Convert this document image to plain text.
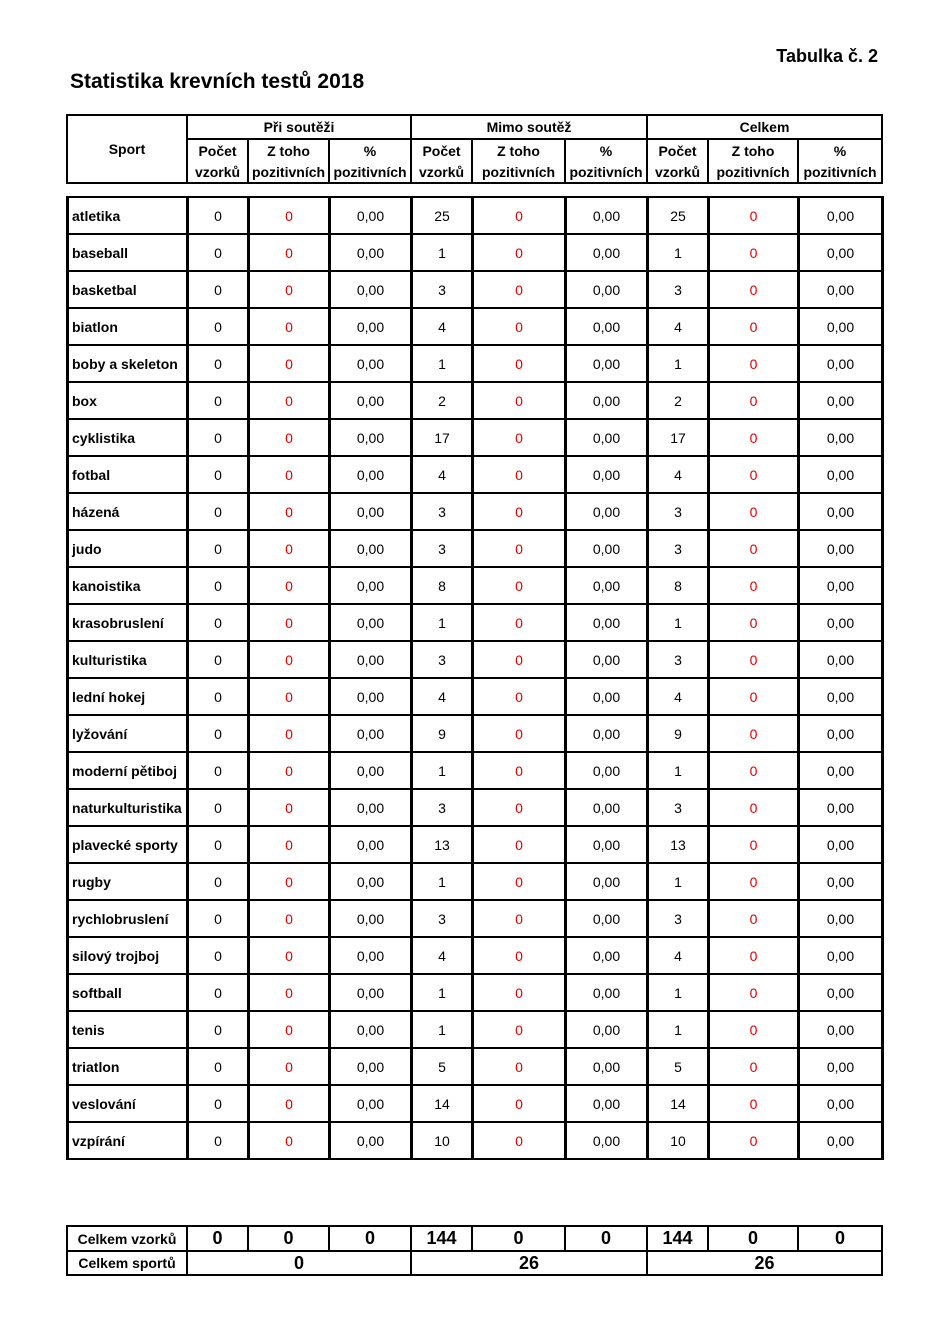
Tabulka č. 2
Statistika krevních testů 2018
Sport	Při soutěži			Mimo soutěž			Celkem		
	Počet	Z toho	%	Počet	Z toho	%	Počet	Z toho	%
	vzorků	pozitivních	pozitivních	vzorků	pozitivních	pozitivních	vzorků	pozitivních	pozitivních
atletika	0	0	0,00	25	0	0,00	25	0	0,00
baseball	0	0	0,00	1	0	0,00	1	0	0,00
basketbal	0	0	0,00	3	0	0,00	3	0	0,00
biatlon	0	0	0,00	4	0	0,00	4	0	0,00
boby a skeleton	0	0	0,00	1	0	0,00	1	0	0,00
box	0	0	0,00	2	0	0,00	2	0	0,00
cyklistika	0	0	0,00	17	0	0,00	17	0	0,00
fotbal	0	0	0,00	4	0	0,00	4	0	0,00
házená	0	0	0,00	3	0	0,00	3	0	0,00
judo	0	0	0,00	3	0	0,00	3	0	0,00
kanoistika	0	0	0,00	8	0	0,00	8	0	0,00
krasobruslení	0	0	0,00	1	0	0,00	1	0	0,00
kulturistika	0	0	0,00	3	0	0,00	3	0	0,00
lední hokej	0	0	0,00	4	0	0,00	4	0	0,00
lyžování	0	0	0,00	9	0	0,00	9	0	0,00
moderní pětiboj	0	0	0,00	1	0	0,00	1	0	0,00
naturkulturistika	0	0	0,00	3	0	0,00	3	0	0,00
plavecké sporty	0	0	0,00	13	0	0,00	13	0	0,00
rugby	0	0	0,00	1	0	0,00	1	0	0,00
rychlobruslení	0	0	0,00	3	0	0,00	3	0	0,00
silový trojboj	0	0	0,00	4	0	0,00	4	0	0,00
softball	0	0	0,00	1	0	0,00	1	0	0,00
tenis	0	0	0,00	1	0	0,00	1	0	0,00
triatlon	0	0	0,00	5	0	0,00	5	0	0,00
veslování	0	0	0,00	14	0	0,00	14	0	0,00
vzpírání	0	0	0,00	10	0	0,00	10	0	0,00
Celkem vzorků	0	0	0	144	0	0	144	0	0
Celkem sportů	0			26			26		
